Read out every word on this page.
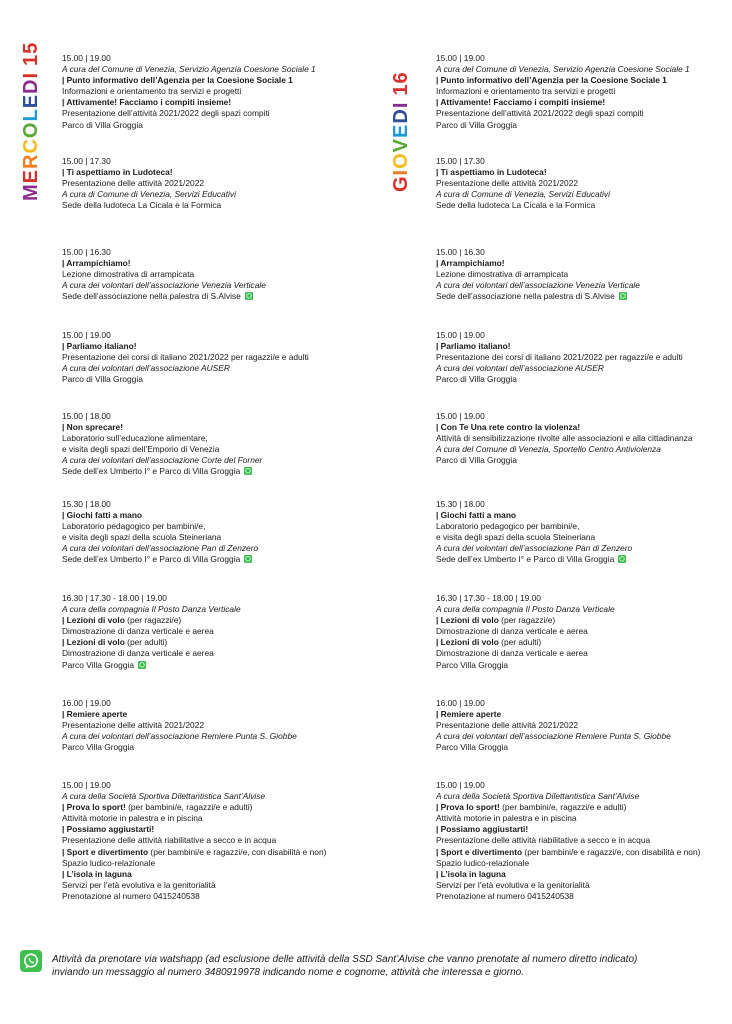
MERCOLEDI15
GIOVEDI16
15.00 | 19.00
A cura del Comune di Venezia, Servizio Agenzia Coesione Sociale 1
| Punto informativo dell’Agenzia per la Coesione Sociale 1
Informazioni e orientamento tra servizi e progetti
| Attivamente! Facciamo i compiti insieme!
Presentazione dell’attività 2021/2022 degli spazi compiti
Parco di Villa Groggia
15.00 | 17.30
| Ti aspettiamo in Ludoteca!
Presentazione delle attività 2021/2022
A cura di Comune di Venezia, Servizi Educativi
Sede della ludoteca La Cicala e la Formica
15.00 | 16.30
| Arrampichiamo!
Lezione dimostrativa di arrampicata
A cura dei volontari dell’associazione Venezia Verticale
Sede dell’associazione nella palestra di S.Alvise
15.00 | 19.00
| Parliamo italiano!
Presentazione dei corsi di italiano 2021/2022 per ragazzi/e e adulti
A cura dei volontari dell’associazione AUSER
Parco di Villa Groggia
15.00 | 18.00
| Non sprecare!
Laboratorio sull’educazione alimentare,
e visita degli spazi dell’Emporio di Venezia
A cura dei volontari dell’associazione Corte del Forner
Sede dell’ex Umberto I° e Parco di Villa Groggia
15.30 | 18.00
| Giochi fatti a mano
Laboratorio pedagogico per bambini/e,
e visita degli spazi della scuola Steineriana
A cura dei volontari dell’associazione Pan di Zenzero
Sede dell’ex Umberto I° e Parco di Villa Groggia
16.30 | 17.30 - 18.00 | 19.00
A cura della compagnia Il Posto Danza Verticale
| Lezioni di volo (per ragazzi/e)
Dimostrazione di danza verticale e aerea
| Lezioni di volo (per adulti)
Dimostrazione di danza verticale e aerea
Parco Villa Groggia
16.00 | 19.00
| Remiere aperte
Presentazione delle attività 2021/2022
A cura dei volontari dell’associazione Remiere Punta S. Giobbe
Parco Villa Groggia
15.00 | 19.00
A cura della Società Sportiva Dilettantistica Sant’Alvise
| Prova lo sport! (per bambini/e, ragazzi/e e adulti)
Attività motorie in palestra e in piscina
| Possiamo aggiustarti!
Presentazione delle attività riabilitative a secco e in acqua
| Sport e divertimento (per bambini/e e ragazzi/e, con disabilità e non)
Spazio ludico-relazionale
| L’isola in laguna
Servizi per l’età evolutiva e la genitorialità
Prenotazione al numero 0415240538
15.00 | 19.00
A cura del Comune di Venezia, Servizio Agenzia Coesione Sociale 1
| Punto informativo dell’Agenzia per la Coesione Sociale 1
Informazioni e orientamento tra servizi e progetti
| Attivamente! Facciamo i compiti insieme!
Presentazione dell’attività 2021/2022 degli spazi compiti
Parco di Villa Groggia
15.00 | 17.30
| Ti aspettiamo in Ludoteca!
Presentazione delle attività 2021/2022
A cura di Comune di Venezia, Servizi Educativi
Sede della ludoteca La Cicala e la Formica
15.00 | 16.30
| Arrampichiamo!
Lezione dimostrativa di arrampicata
A cura dei volontari dell’associazione Venezia Verticale
Sede dell’associazione nella palestra di S.Alvise
15.00 | 19.00
| Parliamo italiano!
Presentazione dei corsi di italiano 2021/2022 per ragazzi/e e adulti
A cura dei volontari dell’associazione AUSER
Parco di Villa Groggia
15.00 | 19.00
| Con Te Una rete contro la violenza!
Attività di sensibilizzazione rivolte alle associazioni e alla cittadinanza
A cura del Comune di Venezia, Sportello Centro Antiviolenza
Parco di Villa Groggia
15.30 | 18.00
| Giochi fatti a mano
Laboratorio pedagogico per bambini/e,
e visita degli spazi della scuola Steineriana
A cura dei volontari dell’associazione Pan di Zenzero
Sede dell’ex Umberto I° e Parco di Villa Groggia
16.30 | 17.30 - 18.00 | 19.00
A cura della compagnia Il Posto Danza Verticale
| Lezioni di volo (per ragazzi/e)
Dimostrazione di danza verticale e aerea
| Lezioni di volo (per adulti)
Dimostrazione di danza verticale e aerea
Parco Villa Groggia
16.00 | 19.00
| Remiere aperte
Presentazione delle attività 2021/2022
A cura dei volontari dell’associazione Remiere Punta S. Giobbe
Parco Villa Groggia
15.00 | 19.00
A cura della Società Sportiva Dilettantistica Sant’Alvise
| Prova lo sport! (per bambini/e, ragazzi/e e adulti)
Attività motorie in palestra e in piscina
| Possiamo aggiustarti!
Presentazione delle attività riabilitative a secco e in acqua
| Sport e divertimento (per bambini/e e ragazzi/e, con disabilità e non)
Spazio ludico-relazionale
| L’isola in laguna
Servizi per l’età evolutiva e la genitorialità
Prenotazione al numero 0415240538
Attività da prenotare via watshapp (ad esclusione delle attività della SSD Sant’Alvise che vanno prenotate al numero diretto indicato)
inviando un messaggio al numero 3480919978 indicando nome e cognome, attività che interessa e giorno.
